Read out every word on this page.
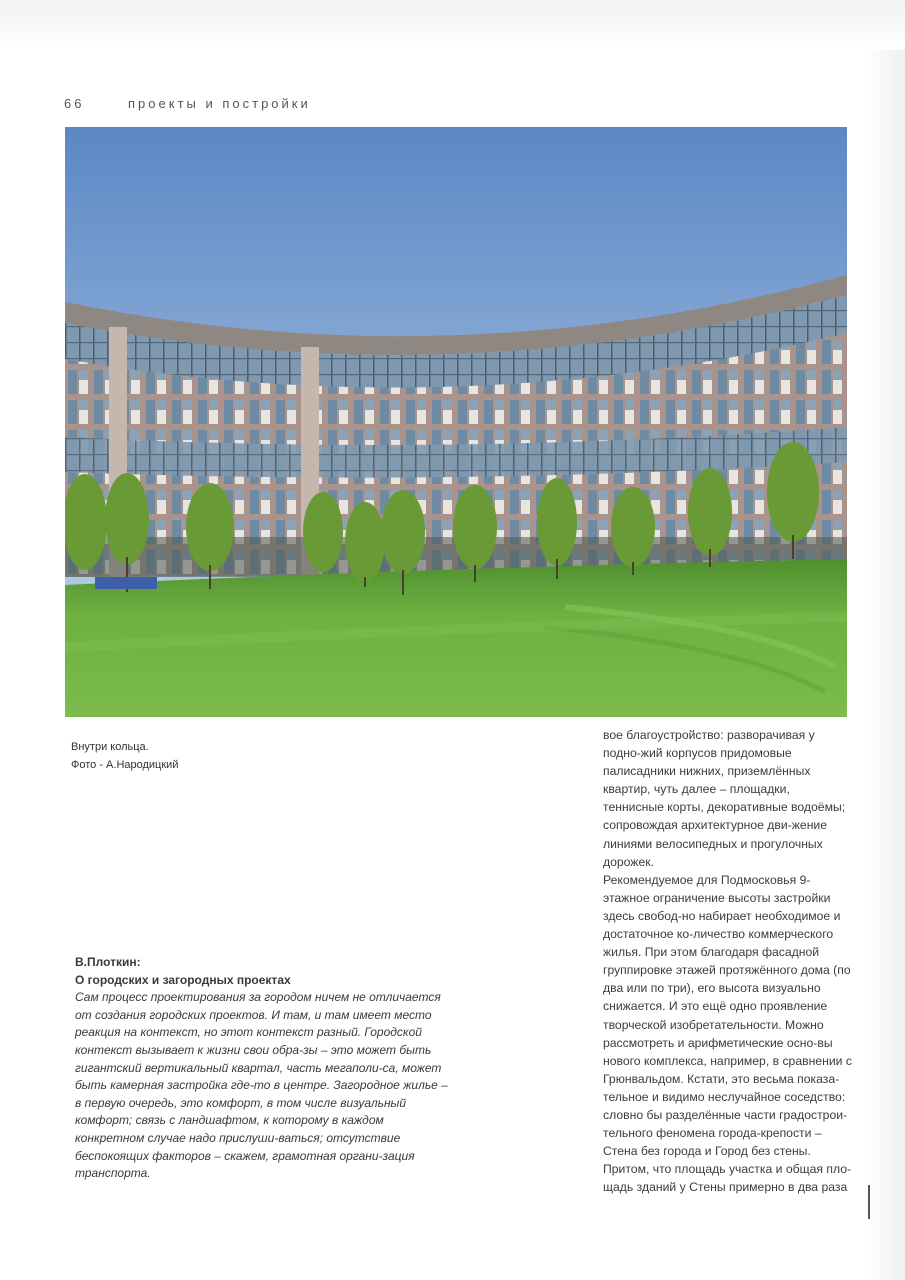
66	проекты и постройки
Внутри кольца.
Фото - А.Народицкий

вое благоустройство: разворачивая у подно-жий корпусов придомовые палисадники нижних, приземлённых квартир, чуть далее – площадки, теннисные корты, декоративные водоёмы; сопровождая архитектурное дви-жение линиями велосипедных и прогулочных дорожек.

Рекомендуемое для Подмосковья 9-этажное ограничение высоты застройки здесь свобод-но набирает необходимое и достаточное ко-личество коммерческого жилья. При этом благодаря фасадной группировке этажей протяжённого дома (по два или по три), его высота визуально снижается. И это ещё одно проявление творческой изобретательности. Можно рассмотреть и арифметические осно-вы нового комплекса, например, в сравнении с Грюнвальдом. Кстати, это весьма показа-тельное и видимо неслучайное соседство: словно бы разделённые части градострои-тельного феномена города-крепости – Стена без города и Город без стены.

Притом, что площадь участка и общая пло-щадь зданий у Стены примерно в два раза

В.Плоткин:
О городских и загородных проектах
Сам процесс проектирования за городом ничем не отличается от создания городских проектов. И там, и там имеет место реакция на контекст, но этот контекст разный. Городской контекст вызывает к жизни свои обра-зы – это может быть гигантский вертикальный квартал, часть мегаполи-са, может быть камерная застройка где-то в центре. Загородное жилье – в первую очередь, это комфорт, в том числе визуальный комфорт; связь с ландшафтом, к которому в каждом конкретном случае надо прислуши-ваться; отсутствие беспокоящих факторов – скажем, грамотная органи-зация транспорта.
